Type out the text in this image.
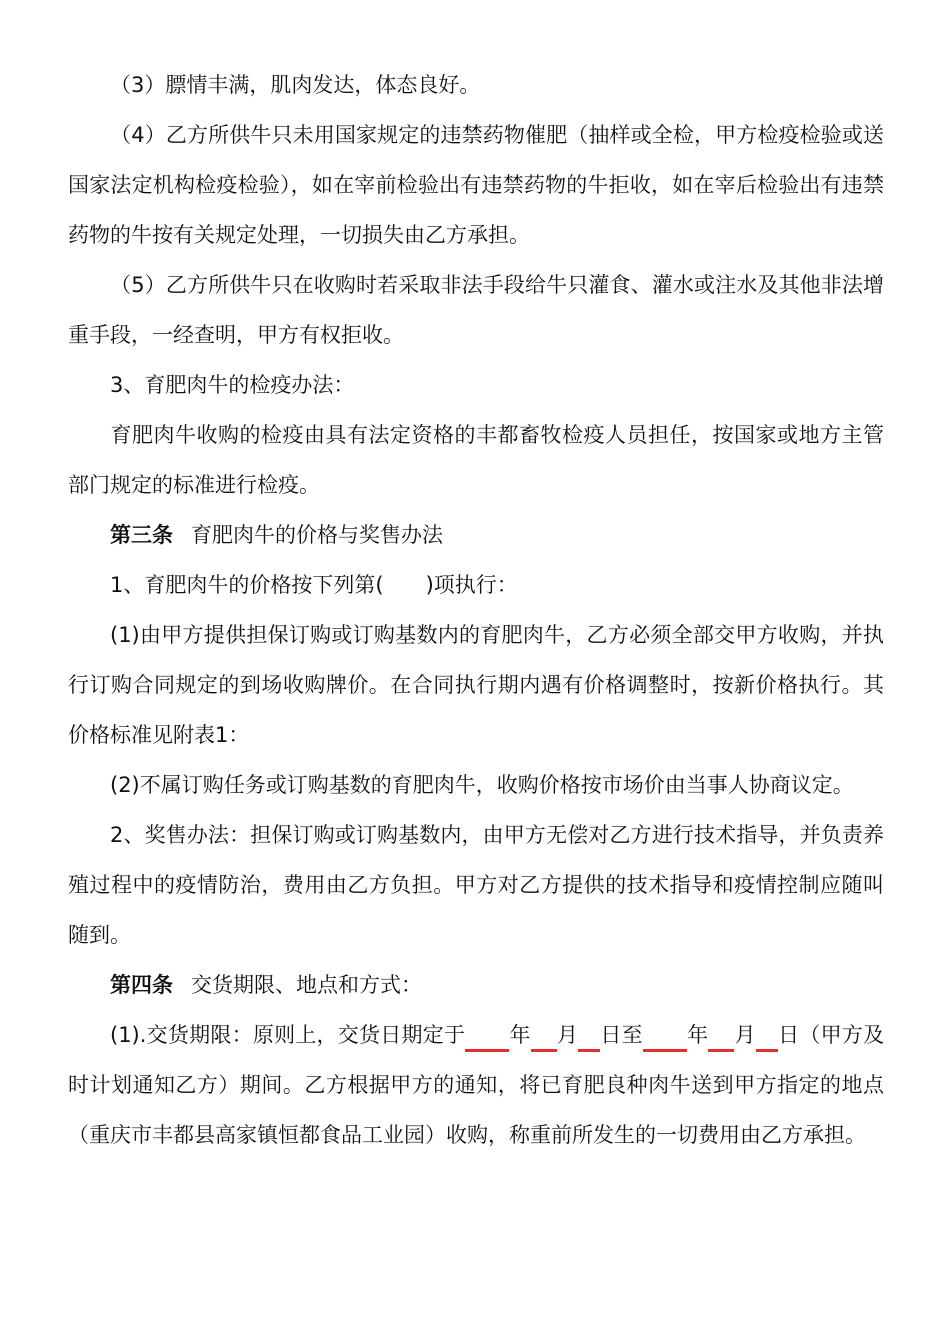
（3）膘情丰满，肌肉发达，体态良好。

（4）乙方所供牛只未用国家规定的违禁药物催肥（抽样或全检，甲方检疫检验或送国家法定机构检疫检验），如在宰前检验出有违禁药物的牛拒收，如在宰后检验出有违禁药物的牛按有关规定处理，一切损失由乙方承担。

（5）乙方所供牛只在收购时若采取非法手段给牛只灌食、灌水或注水及其他非法增重手段，一经查明，甲方有权拒收。

3、育肥肉牛的检疫办法：

育肥肉牛收购的检疫由具有法定资格的丰都畜牧检疫人员担任，按国家或地方主管部门规定的标准进行检疫。

第三条 育肥肉牛的价格与奖售办法

1、育肥肉牛的价格按下列第( )项执行：

(1)由甲方提供担保订购或订购基数内的育肥肉牛，乙方必须全部交甲方收购，并执行订购合同规定的到场收购牌价。在合同执行期内遇有价格调整时，按新价格执行。其价格标准见附表1：

(2)不属订购任务或订购基数的育肥肉牛，收购价格按市场价由当事人协商议定。

2、奖售办法：担保订购或订购基数内，由甲方无偿对乙方进行技术指导，并负责养殖过程中的疫情防治，费用由乙方负担。甲方对乙方提供的技术指导和疫情控制应随叫随到。

第四条 交货期限、地点和方式：

(1).交货期限：原则上，交货日期定于 年 月 日至 年 月 日（甲方及时计划通知乙方）期间。乙方根据甲方的通知，将已育肥良种肉牛送到甲方指定的地点（重庆市丰都县高家镇恒都食品工业园）收购，称重前所发生的一切费用由乙方承担。
